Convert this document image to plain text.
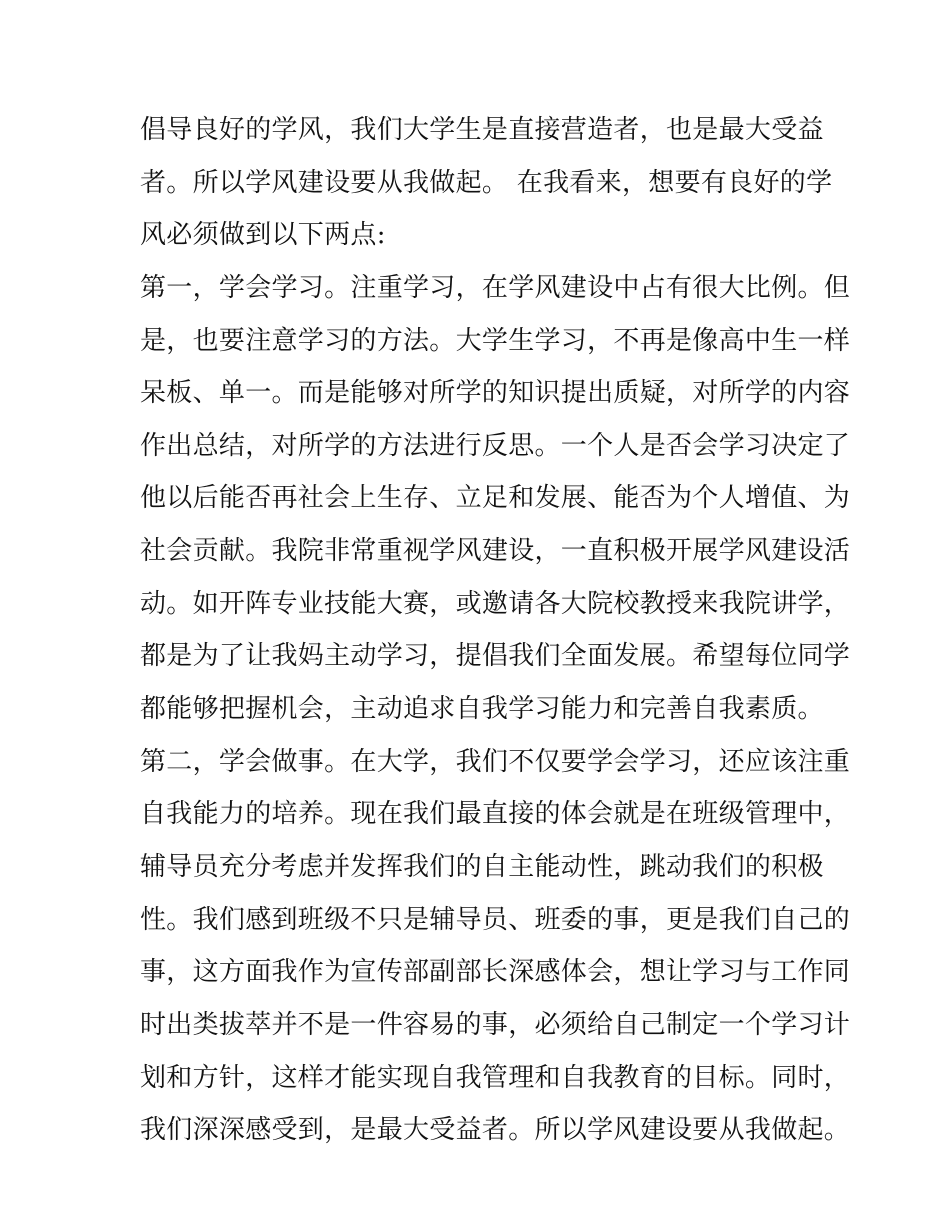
倡导良好的学风，我们大学生是直接营造者，也是最大受益
者。所以学风建设要从我做起。 在我看来，想要有良好的学
风必须做到以下两点:
第一，学会学习。注重学习，在学风建设中占有很大比例。但
是，也要注意学习的方法。大学生学习，不再是像高中生一样
呆板、单一。而是能够对所学的知识提出质疑，对所学的内容
作出总结，对所学的方法进行反思。一个人是否会学习决定了
他以后能否再社会上生存、立足和发展、能否为个人增值、为
社会贡献。我院非常重视学风建设，一直积极开展学风建设活
动。如开阵专业技能大赛，或邀请各大院校教授来我院讲学，
都是为了让我妈主动学习，提倡我们全面发展。希望每位同学
都能够把握机会，主动追求自我学习能力和完善自我素质。
第二，学会做事。在大学，我们不仅要学会学习，还应该注重
自我能力的培养。现在我们最直接的体会就是在班级管理中，
辅导员充分考虑并发挥我们的自主能动性，跳动我们的积极
性。我们感到班级不只是辅导员、班委的事，更是我们自己的
事，这方面我作为宣传部副部长深感体会，想让学习与工作同
时出类拔萃并不是一件容易的事，必须给自己制定一个学习计
划和方针，这样才能实现自我管理和自我教育的目标。同时，
我们深深感受到，是最大受益者。所以学风建设要从我做起。
